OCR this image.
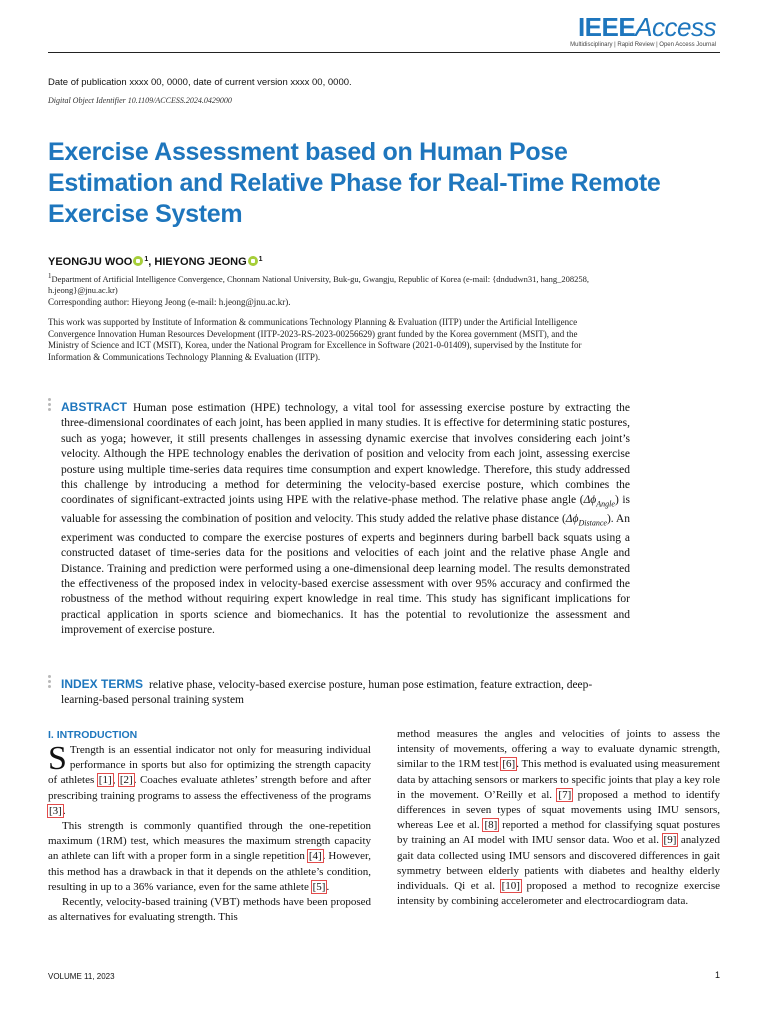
IEEEAccess
Multidisciplinary | Rapid Review | Open Access Journal
Date of publication xxxx 00, 0000, date of current version xxxx 00, 0000.
Digital Object Identifier 10.1109/ACCESS.2024.0429000
Exercise Assessment based on Human Pose Estimation and Relative Phase for Real-Time Remote Exercise System
YEONGJU WOO $^1$, HIEYONG JEONG $^1$
$^1$Department of Artificial Intelligence Convergence, Chonnam National University, Buk-gu, Gwangju, Republic of Korea (e-mail: {dndudwn31, hang_208258, h.jeong}@jnu.ac.kr)
Corresponding author: Hieyong Jeong (e-mail: h.jeong@jnu.ac.kr).
This work was supported by Institute of Information & communications Technology Planning & Evaluation (IITP) under the Artificial Intelligence Convergence Innovation Human Resources Development (IITP-2023-RS-2023-00256629) grant funded by the Korea government (MSIT), and the Ministry of Science and ICT (MSIT), Korea, under the National Program for Excellence in Software (2021-0-01409), supervised by the Institute for Information & Communications Technology Planning & Evaluation (IITP).
ABSTRACT Human pose estimation (HPE) technology, a vital tool for assessing exercise posture by extracting the three-dimensional coordinates of each joint, has been applied in many studies. It is effective for determining static postures, such as yoga; however, it still presents challenges in assessing dynamic exercise that involves considering each joint’s velocity. Although the HPE technology enables the derivation of position and velocity from each joint, assessing exercise posture using multiple time-series data requires time consumption and expert knowledge. Therefore, this study addressed this challenge by introducing a method for determining the velocity-based exercise posture, which combines the coordinates of significant-extracted joints using HPE with the relative-phase method. The relative phase angle $(\Delta\phi_{Angle})$ is valuable for assessing the combination of position and velocity. This study added the relative phase distance $(\Delta\phi_{Distance})$. An experiment was conducted to compare the exercise postures of experts and beginners during barbell back squats using a constructed dataset of time-series data for the positions and velocities of each joint and the relative phase Angle and Distance. Training and prediction were performed using a one-dimensional deep learning model. The results demonstrated the effectiveness of the proposed index in velocity-based exercise assessment with over 95% accuracy and confirmed the robustness of the method without requiring expert knowledge in real time. This study has significant implications for practical application in sports science and biomechanics. It has the potential to revolutionize the assessment and improvement of exercise posture.
INDEX TERMS relative phase, velocity-based exercise posture, human pose estimation, feature extraction, deep-learning-based personal training system
I. INTRODUCTION

S Trength is an essential indicator not only for measuring individual performance in sports but also for optimizing the strength capacity of athletes [1], [2]. Coaches evaluate athletes’ strength before and after prescribing training programs to assess the effectiveness of the programs [3].

This strength is commonly quantified through the one-repetition maximum (1RM) test, which measures the maximum strength capacity an athlete can lift with a proper form in a single repetition [4]. However, this method has a drawback in that it depends on the athlete’s condition, resulting in up to a 36% variance, even for the same athlete [5].

Recently, velocity-based training (VBT) methods have been proposed as alternatives for evaluating strength. This

method measures the angles and velocities of joints to assess the intensity of movements, offering a way to evaluate dynamic strength, similar to the 1RM test [6]. This method is evaluated using measurement data by attaching sensors or markers to specific joints that play a key role in the movement. O’Reilly et al. [7] proposed a method to identify differences in seven types of squat movements using IMU sensors, whereas Lee et al. [8] reported a method for classifying squat postures by training an AI model with IMU sensor data. Woo et al. [9] analyzed gait data collected using IMU sensors and discovered differences in gait symmetry between elderly patients with diabetes and healthy elderly individuals. Qi et al. [10] proposed a method to recognize exercise intensity by combining accelerometer and electrocardiogram data.

VOLUME 11, 2023	1
